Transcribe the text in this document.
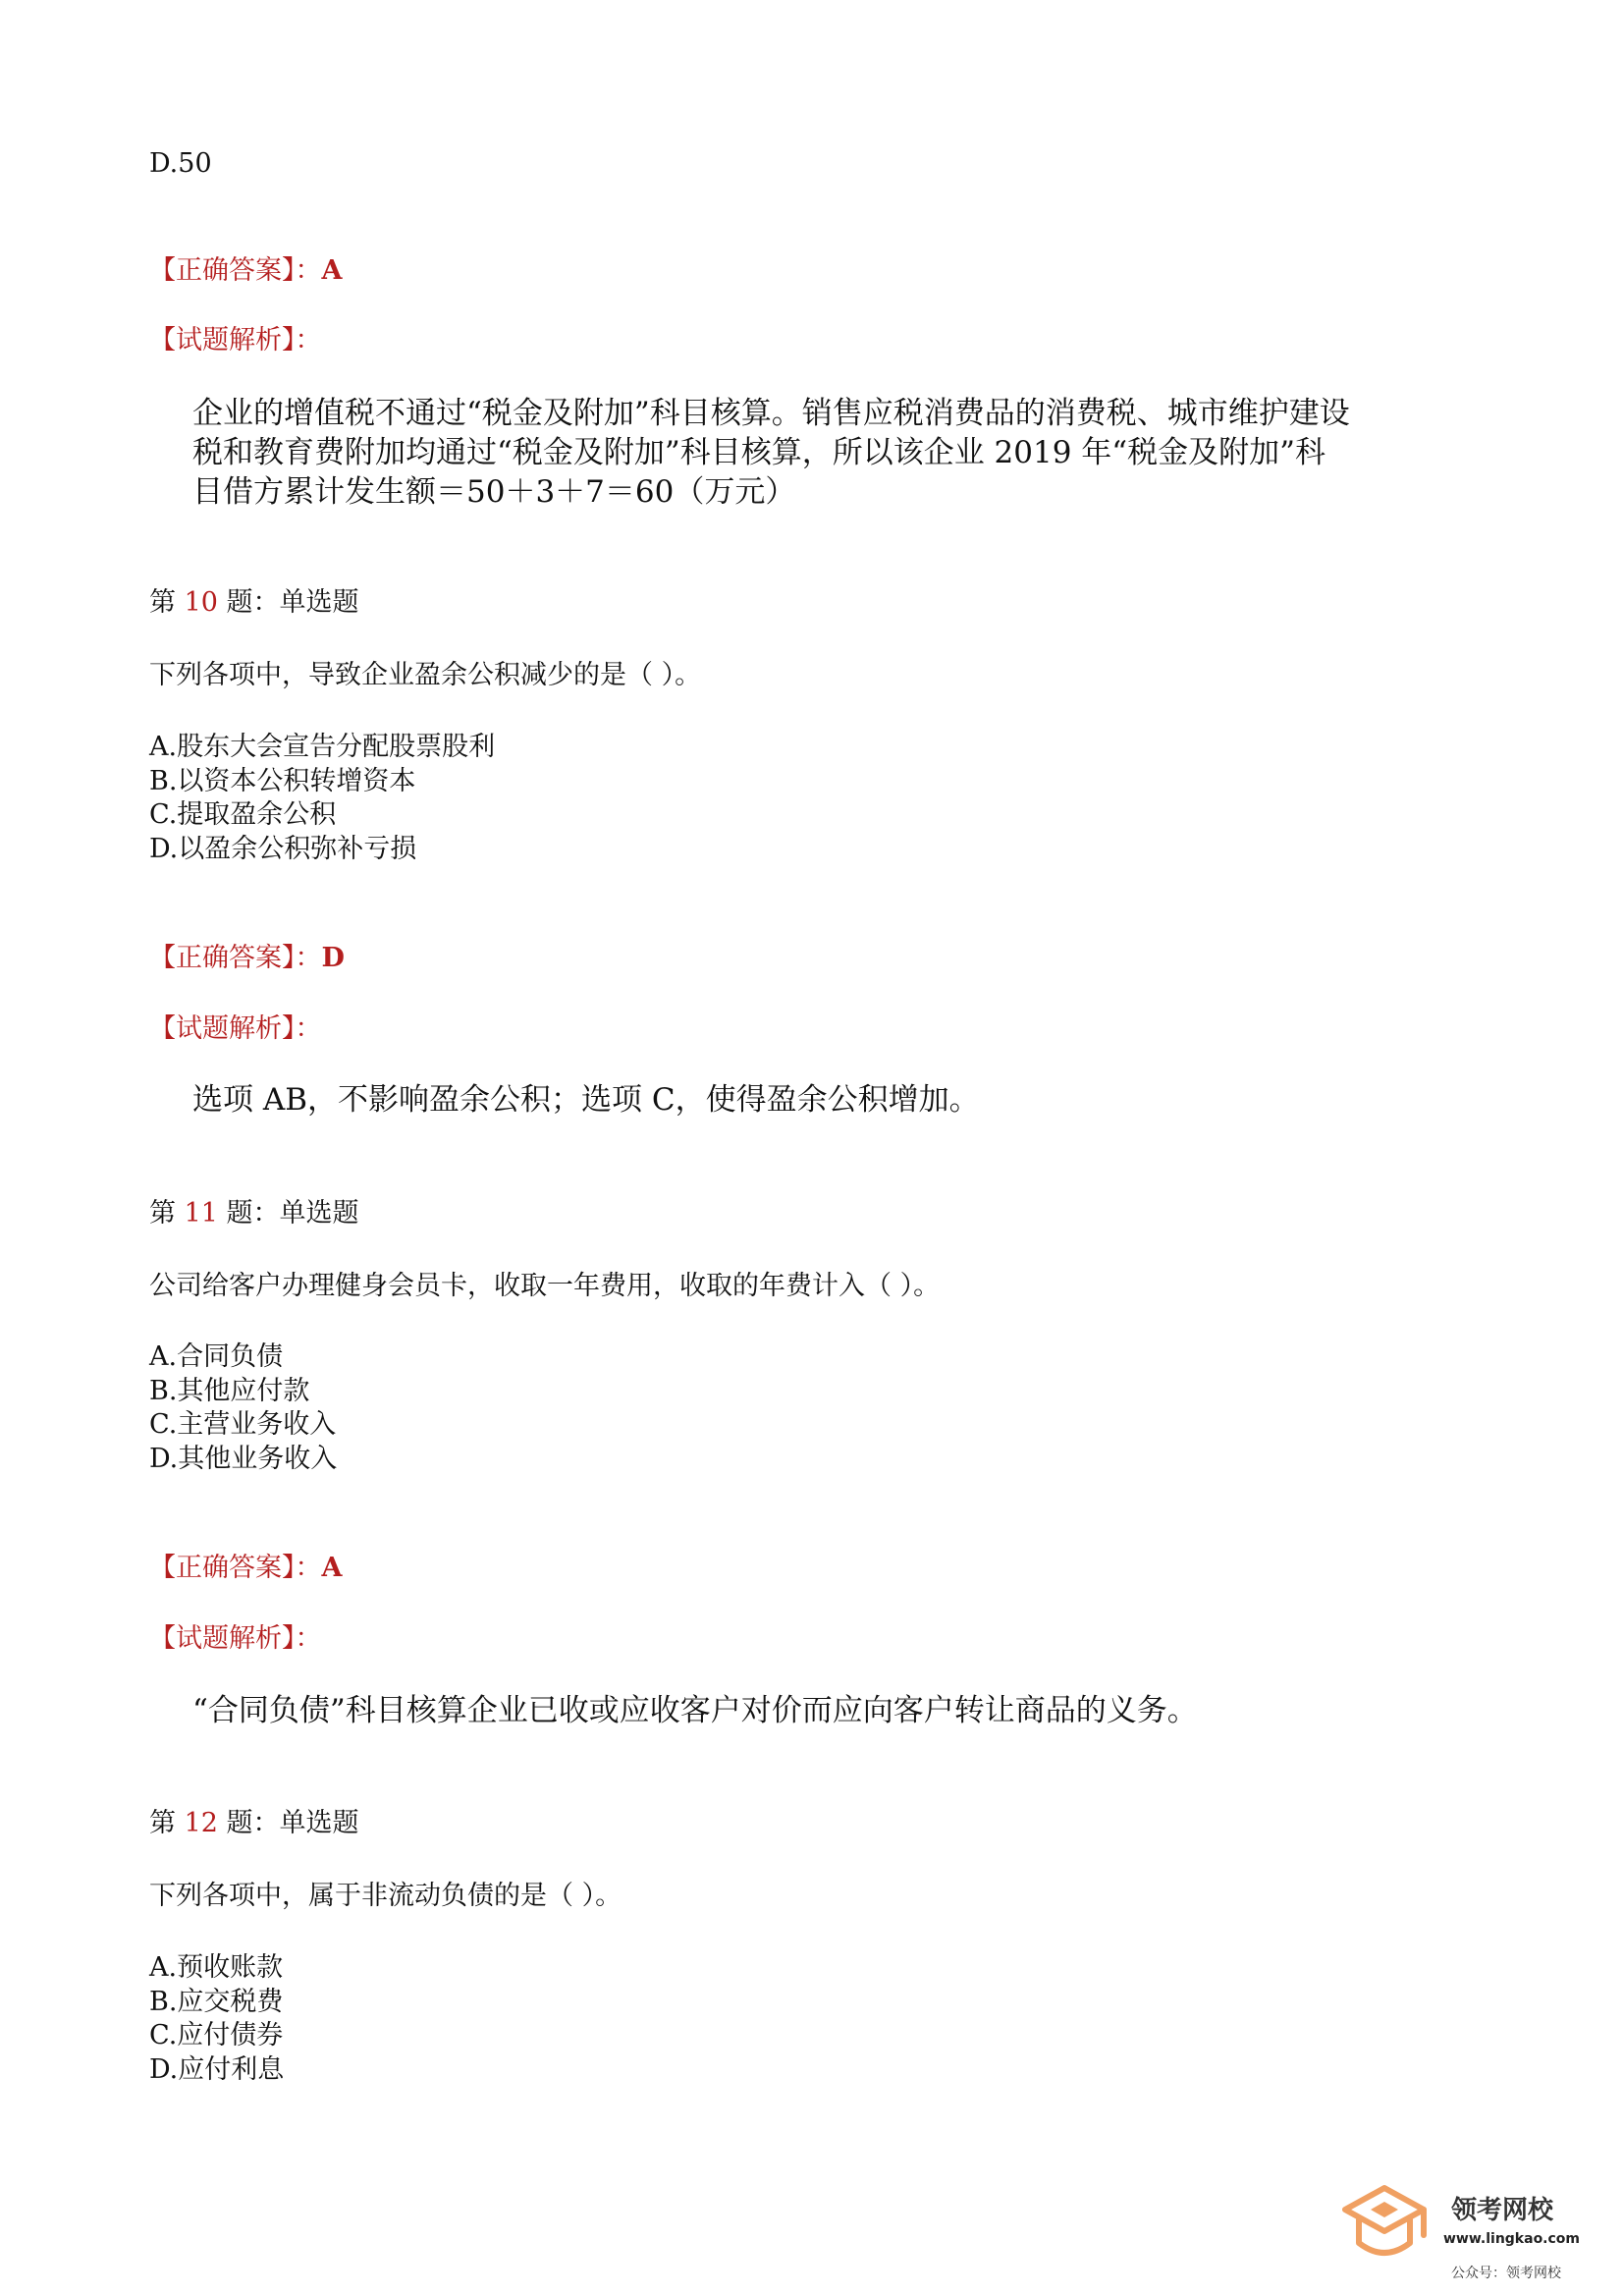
D.50
【正确答案】：A
【试题解析】：

企业的增值税不通过“税金及附加”科目核算。销售应税消费品的消费税、城市维护建设

税和教育费附加均通过“税金及附加”科目核算，所以该企业 2019 年“税金及附加”科

目借方累计发生额＝50＋3＋7＝60（万元）

第 10 题：单选题
下列各项中，导致企业盈余公积减少的是（ ）。
A.股东大会宣告分配股票股利
B.以资本公积转增资本
C.提取盈余公积
D.以盈余公积弥补亏损
【正确答案】：D
【试题解析】：

选项 AB，不影响盈余公积；选项 C，使得盈余公积增加。

第 11 题：单选题
公司给客户办理健身会员卡，收取一年费用，收取的年费计入（ ）。
A.合同负债
B.其他应付款
C.主营业务收入
D.其他业务收入
【正确答案】：A
【试题解析】：

“合同负债”科目核算企业已收或应收客户对价而应向客户转让商品的义务。

第 12 题：单选题
下列各项中，属于非流动负债的是（ ）。
A.预收账款
B.应交税费
C.应付债券
D.应付利息
领考网校
www.lingkao.com
公众号：领考网校
